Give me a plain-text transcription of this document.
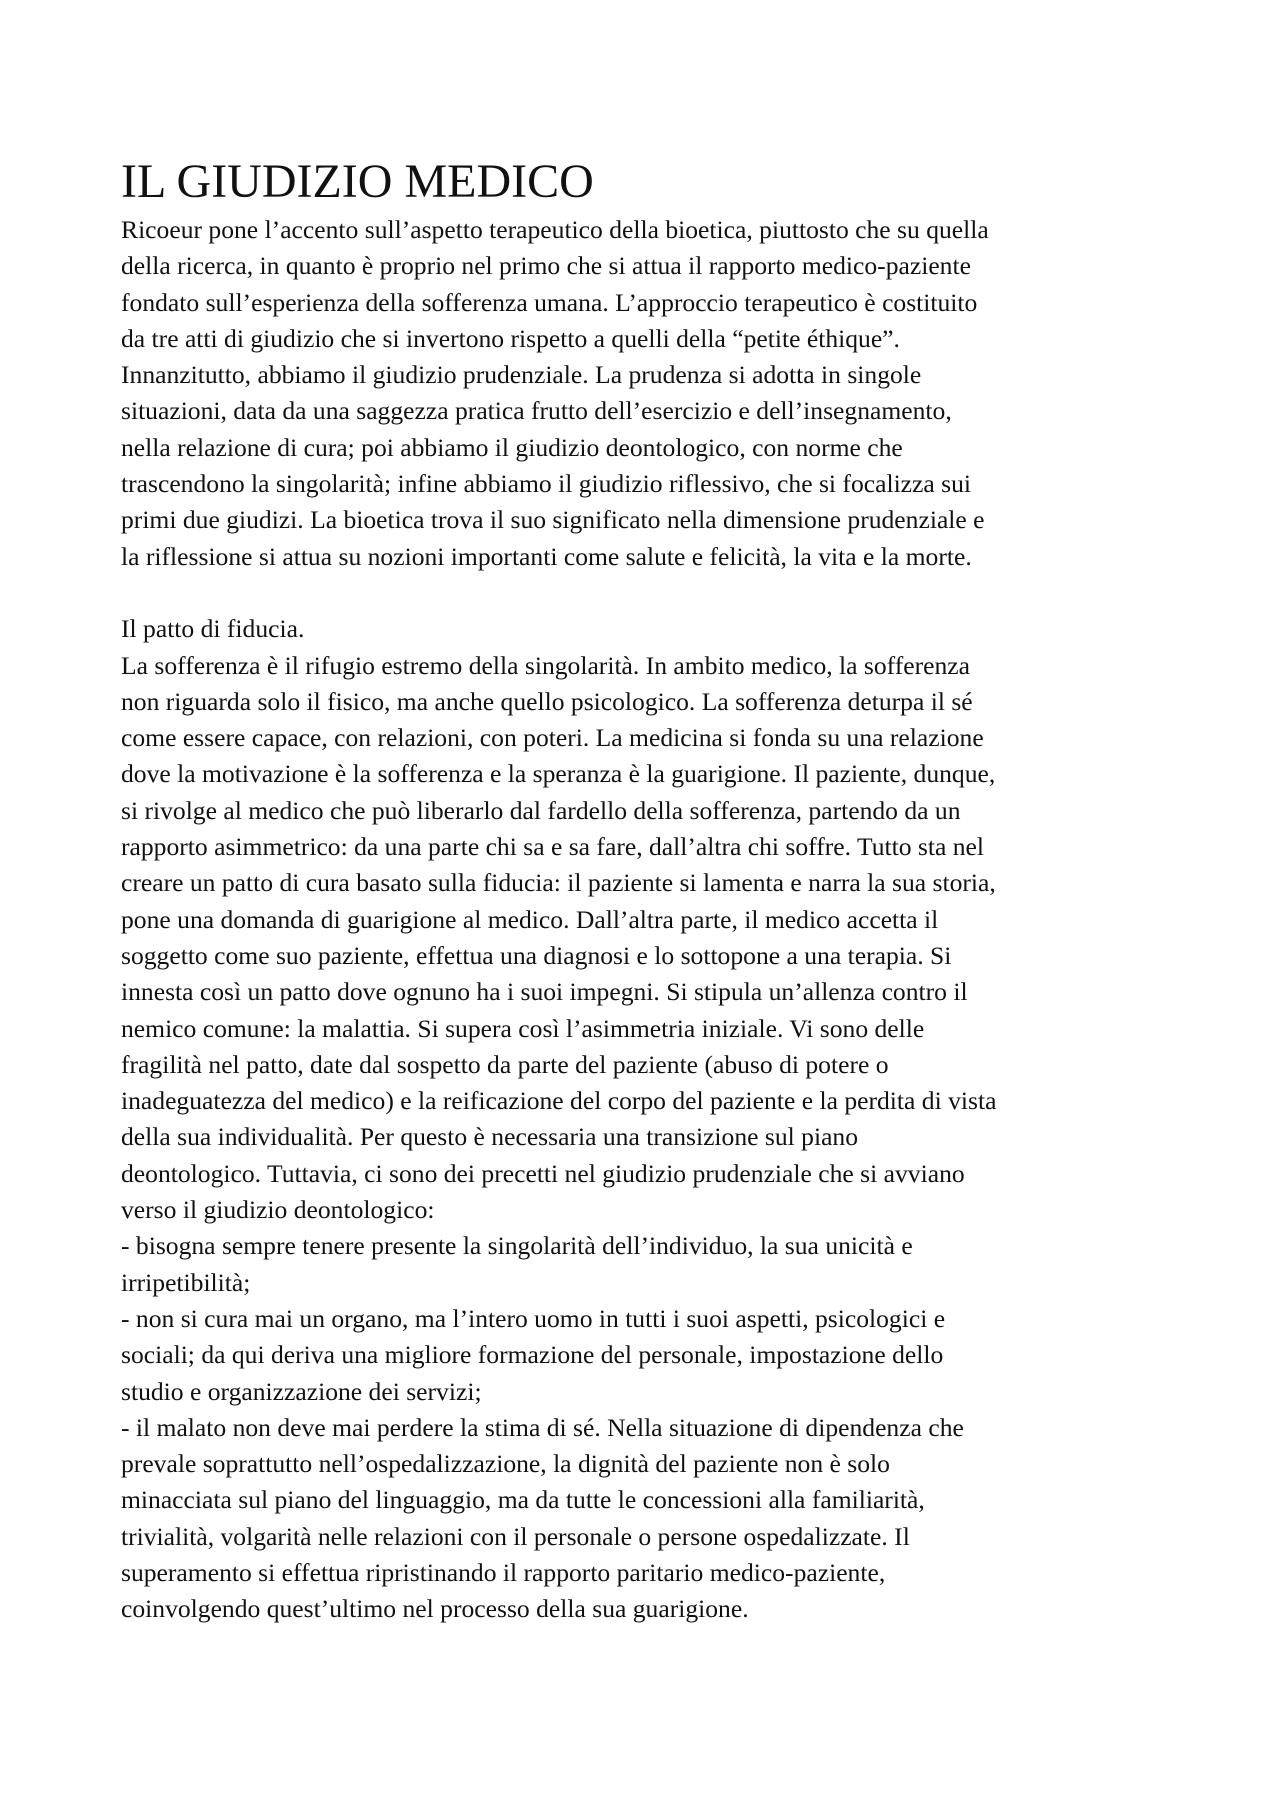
IL GIUDIZIO MEDICO
Ricoeur pone l’accento sull’aspetto terapeutico della bioetica, piuttosto che su quella
della ricerca, in quanto è proprio nel primo che si attua il rapporto medico-paziente
fondato sull’esperienza della sofferenza umana. L’approccio terapeutico è costituito
da tre atti di giudizio che si invertono rispetto a quelli della “petite éthique”.
Innanzitutto, abbiamo il giudizio prudenziale. La prudenza si adotta in singole
situazioni, data da una saggezza pratica frutto dell’esercizio e dell’insegnamento,
nella relazione di cura; poi abbiamo il giudizio deontologico, con norme che
trascendono la singolarità; infine abbiamo il giudizio riflessivo, che si focalizza sui
primi due giudizi. La bioetica trova il suo significato nella dimensione prudenziale e
la riflessione si attua su nozioni importanti come salute e felicità, la vita e la morte.
Il patto di fiducia.
La sofferenza è il rifugio estremo della singolarità. In ambito medico, la sofferenza
non riguarda solo il fisico, ma anche quello psicologico. La sofferenza deturpa il sé
come essere capace, con relazioni, con poteri. La medicina si fonda su una relazione
dove la motivazione è la sofferenza e la speranza è la guarigione. Il paziente, dunque,
si rivolge al medico che può liberarlo dal fardello della sofferenza, partendo da un
rapporto asimmetrico: da una parte chi sa e sa fare, dall’altra chi soffre. Tutto sta nel
creare un patto di cura basato sulla fiducia: il paziente si lamenta e narra la sua storia,
pone una domanda di guarigione al medico. Dall’altra parte, il medico accetta il
soggetto come suo paziente, effettua una diagnosi e lo sottopone a una terapia. Si
innesta così un patto dove ognuno ha i suoi impegni. Si stipula un’allenza contro il
nemico comune: la malattia. Si supera così l’asimmetria iniziale. Vi sono delle
fragilità nel patto, date dal sospetto da parte del paziente (abuso di potere o
inadeguatezza del medico) e la reificazione del corpo del paziente e la perdita di vista
della sua individualità. Per questo è necessaria una transizione sul piano
deontologico. Tuttavia, ci sono dei precetti nel giudizio prudenziale che si avviano
verso il giudizio deontologico:
- bisogna sempre tenere presente la singolarità dell’individuo, la sua unicità e
irripetibilità;
- non si cura mai un organo, ma l’intero uomo in tutti i suoi aspetti, psicologici e
sociali; da qui deriva una migliore formazione del personale, impostazione dello
studio e organizzazione dei servizi;
- il malato non deve mai perdere la stima di sé. Nella situazione di dipendenza che
prevale soprattutto nell’ospedalizzazione, la dignità del paziente non è solo
minacciata sul piano del linguaggio, ma da tutte le concessioni alla familiarità,
trivialità, volgarità nelle relazioni con il personale o persone ospedalizzate. Il
superamento si effettua ripristinando il rapporto paritario medico-paziente,
coinvolgendo quest’ultimo nel processo della sua guarigione.
